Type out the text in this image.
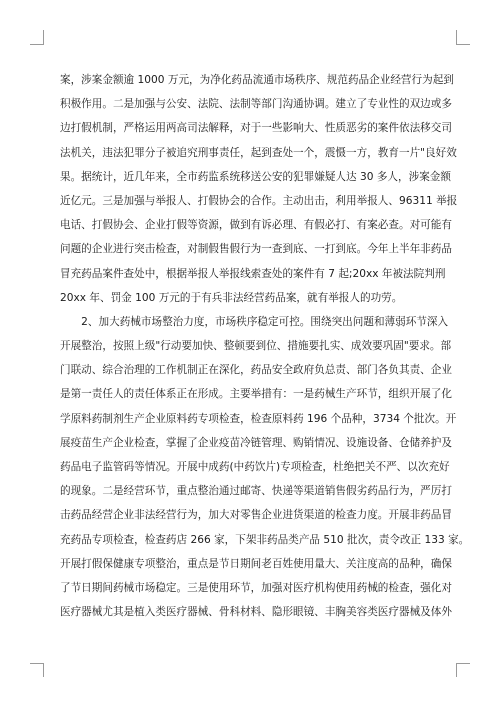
案，涉案金额逾 1000 万元，为净化药品流通市场秩序、规范药品企业经营行为起到
积极作用。二是加强与公安、法院、法制等部门沟通协调。建立了专业性的双边或多
边打假机制，严格运用两高司法解释，对于一些影响大、性质恶劣的案件依法移交司
法机关，违法犯罪分子被追究刑事责任，起到查处一个，震慑一方，教育一片"良好效
果。据统计，近几年来，全市药监系统移送公安的犯罪嫌疑人达 30 多人，涉案金额
近亿元。三是加强与举报人、打假协会的合作。主动出击，利用举报人、96311 举报
电话、打假协会、企业打假等资源，做到有诉必理、有假必打、有案必查。对可能有
问题的企业进行突击检查，对制假售假行为一查到底、一打到底。今年上半年非药品
冒充药品案件查处中，根据举报人举报线索查处的案件有 7 起;20xx 年被法院判刑
20xx 年、罚金 100 万元的于有兵非法经营药品案，就有举报人的功劳。
　　2、加大药械市场整治力度，市场秩序稳定可控。围绕突出问题和薄弱环节深入
开展整治，按照上级"行动要加快、整顿要到位、措施要扎实、成效要巩固"要求。部
门联动、综合治理的工作机制正在深化，药品安全政府负总责、部门各负其责、企业
是第一责任人的责任体系正在形成。主要举措有：一是药械生产环节，组织开展了化
学原料药制剂生产企业原料药专项检查，检查原料药 196 个品种，3734 个批次。开
展疫苗生产企业检查，掌握了企业疫苗冷链管理、购销情况、设施设备、仓储养护及
药品电子监管码等情况。开展中成药(中药饮片)专项检查，杜绝把关不严、以次充好
的现象。二是经营环节，重点整治通过邮寄、快递等渠道销售假劣药品行为，严厉打
击药品经营企业非法经营行为，加大对零售企业进货渠道的检查力度。开展非药品冒
充药品专项检查，检查药店 266 家，下架非药品类产品 510 批次，责令改正 133 家。
开展打假保健康专项整治，重点是节日期间老百姓使用量大、关注度高的品种，确保
了节日期间药械市场稳定。三是使用环节，加强对医疗机构使用药械的检查，强化对
医疗器械尤其是植入类医疗器械、骨科材料、隐形眼镜、丰胸美容类医疗器械及体外
